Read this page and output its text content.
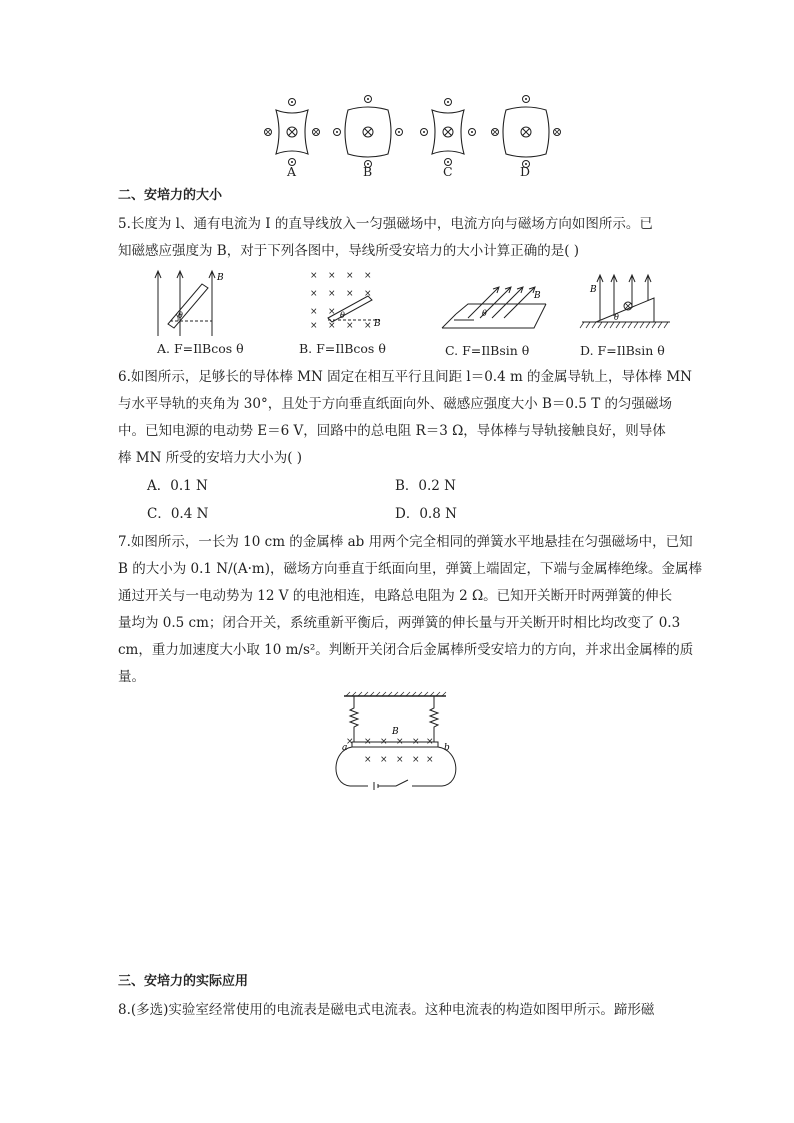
A	B	C	D
二、安培力的大小
5.长度为 l、通有电流为 I 的直导线放入一匀强磁场中，电流方向与磁场方向如图所示。已
知磁感应强度为 B，对于下列各图中，导线所受安培力的大小计算正确的是( )
θ
B
A. F=IlBcos θ
× × × ×
× × × ×
× ×
× × × ×
θ
B
B. F=IlBcos θ
θ
B
C. F=IlBsin θ
θ
B
D. F=IlBsin θ
6.如图所示，足够长的导体棒 MN 固定在相互平行且间距 l＝0.4 m 的金属导轨上，导体棒 MN
与水平导轨的夹角为 30°，且处于方向垂直纸面向外、磁感应强度大小 B＝0.5 T 的匀强磁场
中。已知电源的电动势 E＝6 V，回路中的总电阻 R＝3 Ω，导体棒与导轨接触良好，则导体
棒 MN 所受的安培力大小为( )
A．0.1 N	B．0.2 N
C．0.4 N	D．0.8 N
7.如图所示，一长为 10 cm 的金属棒 ab 用两个完全相同的弹簧水平地悬挂在匀强磁场中，已知
B 的大小为 0.1 N/(A·m)，磁场方向垂直于纸面向里，弹簧上端固定，下端与金属棒绝缘。金属棒
通过开关与一电动势为 12 V 的电池相连，电路总电阻为 2 Ω。已知开关断开时两弹簧的伸长
量均为 0.5 cm；闭合开关，系统重新平衡后，两弹簧的伸长量与开关断开时相比均改变了 0.3
cm，重力加速度大小取 10 m/s²。判断开关闭合后金属棒所受安培力的方向，并求出金属棒的质
量。
× × × × ×
× × × × ×
×
a	b
B
三、安培力的实际应用
8.(多选)实验室经常使用的电流表是磁电式电流表。这种电流表的构造如图甲所示。蹄形磁
